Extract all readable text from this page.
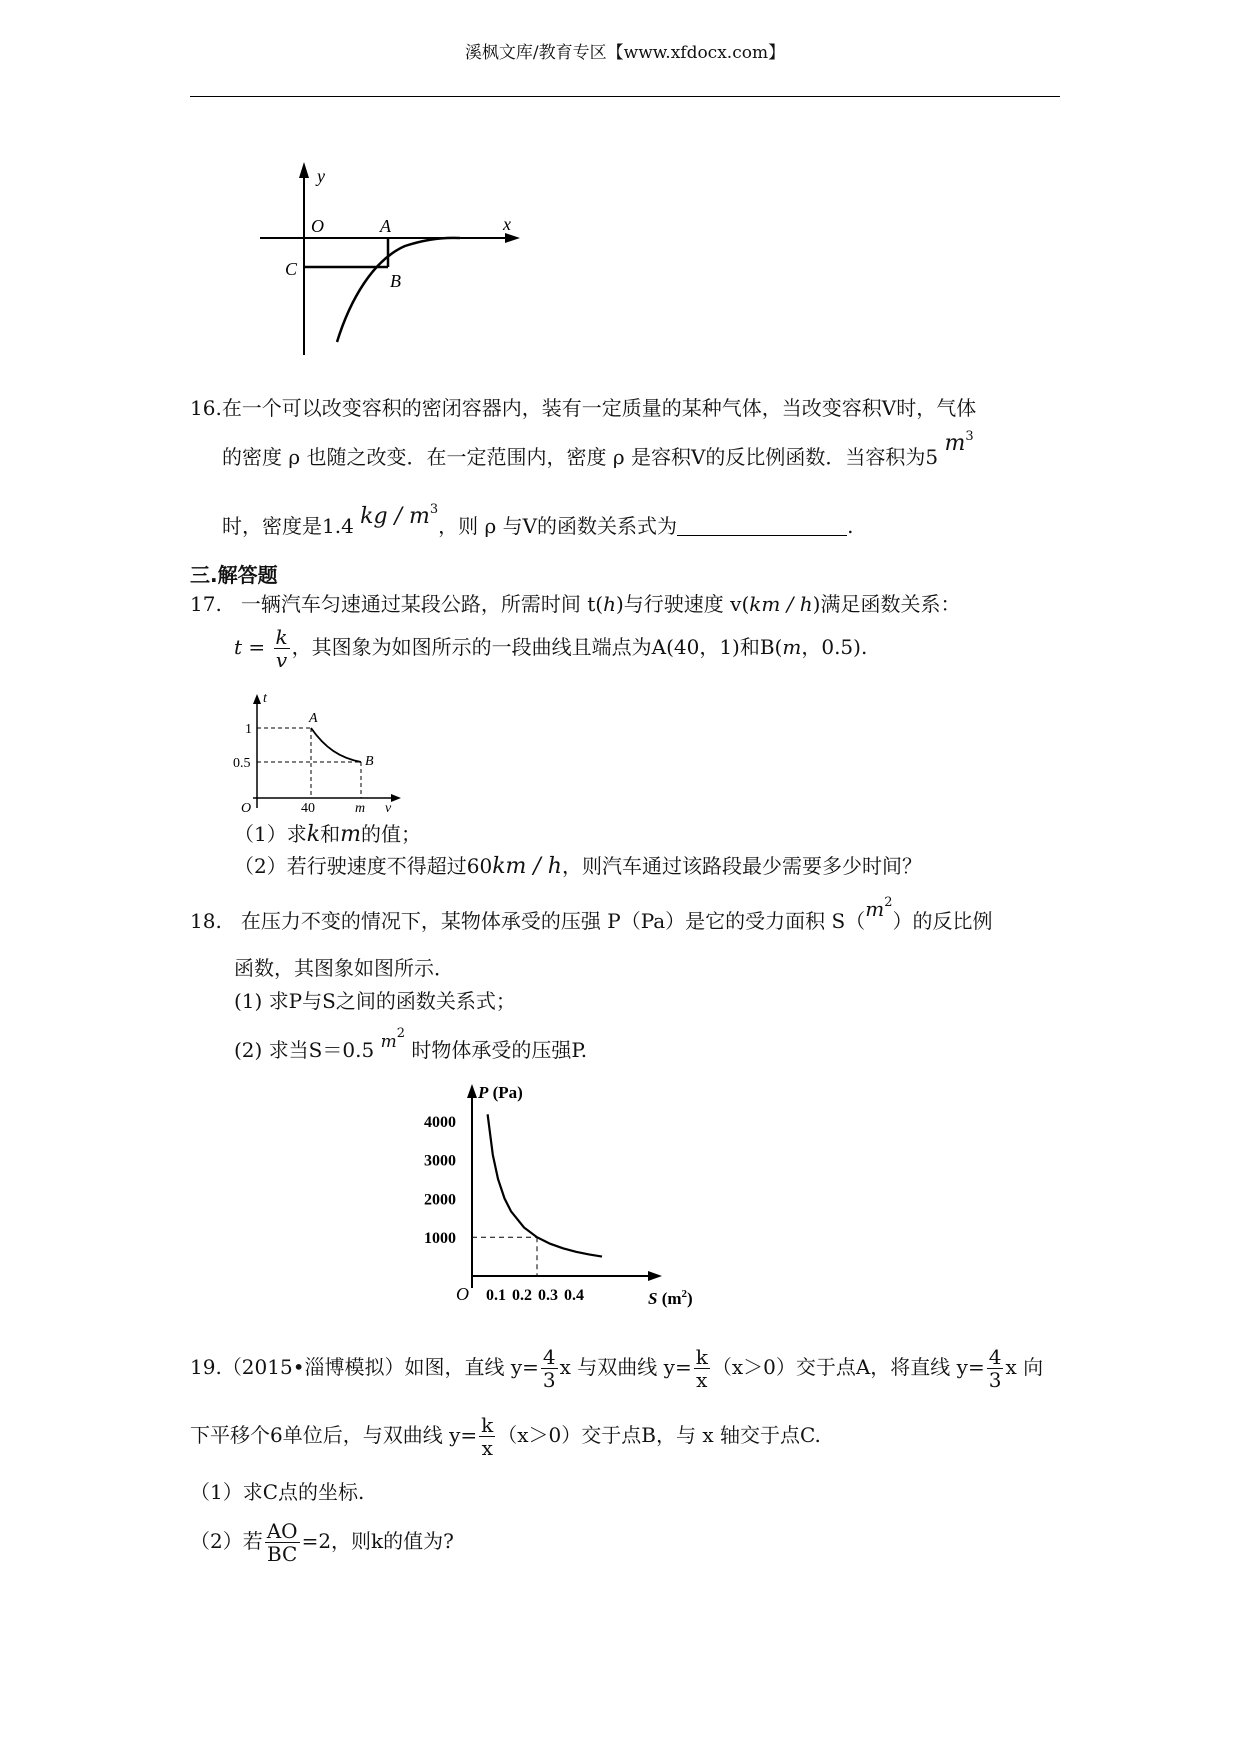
溪枫文库/教育专区【www.xfdocx.com】
y
O	A	x
C
B
16.在一个可以改变容积的密闭容器内，装有一定质量的某种气体，当改变容积V时，气体
的密度 ρ 也随之改变．在一定范围内，密度 ρ 是容积V的反比例函数．当容积为5 $m^3$
时，密度是1.4 kg / $m^3$，则 ρ 与V的函数关系式为	.
三.解答题
17. 一辆汽车匀速通过某段公路，所需时间 t(h)与行驶速度 v(km / h)满足函数关系：
$t = \frac{k}{v}$ ，其图象为如图所示的一段曲线且端点为A(40，1)和B(m，0.5).
t
A
B
1
0.5
O	40	m v
（1）求k和m的值；
（2）若行驶速度不得超过60km / h，则汽车通过该路段最少需要多少时间？
18. 在压力不变的情况下，某物体承受的压强 P（Pa）是它的受力面积 $S(m^2)$的反比例
函数，其图象如图所示．
(1) 求P与S之间的函数关系式；
(2) 求当S＝0.5 $^{m2}$ 时物体承受的压强P.
1000
2000
3000
4000
0.1 0.2 0.3 0.4
O
P (Pa)
S $(m^2)$
19.（2015•淄博模拟）如图，直线 $y= \frac{4}{3}$ x 与双曲线 $y= \frac{k}{x} (x>0)$交于点A，将直线 $y= \frac{4}{3}$ x 向
下平移个6单位后，与双曲线 $y= \frac{k}{x} (x>0)$交于点B，与 x 轴交于点C.
（1）求C点的坐标.
（2）若 $\frac{AO}{BC} =2$，则k的值为?
